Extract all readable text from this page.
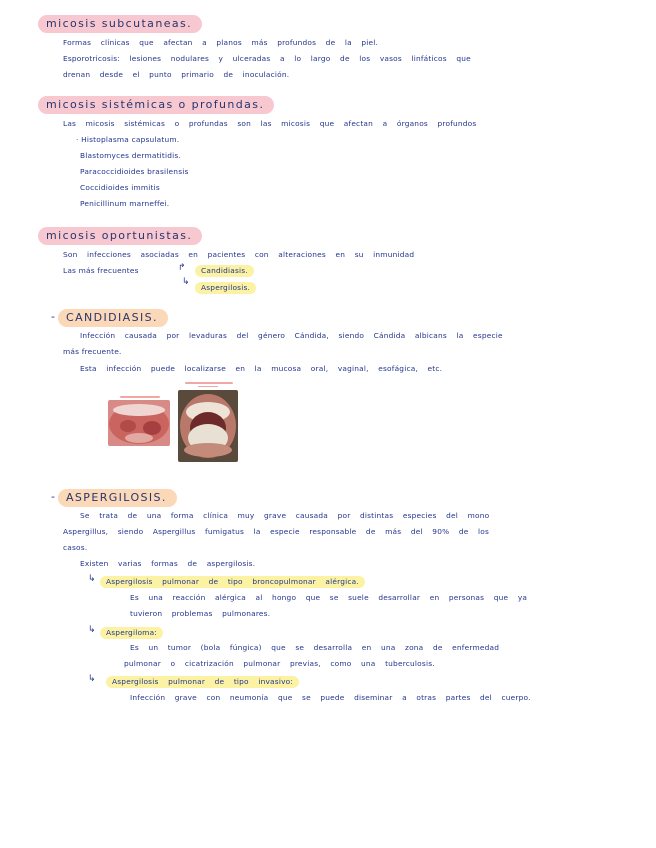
micosis subcutaneas.
Formas clínicas que afectan a planos más profundos de la piel.
Esporotricosis: lesiones nodulares y ulceradas a lo largo de los vasos linfáticos que
drenan desde el punto primario de inoculación.
micosis sistémicas o profundas.
Las micosis sistémicas o profundas son las micosis que afectan a órganos profundos
· Histoplasma capsulatum.
Blastomyces dermatitidis.
Paracoccidioides brasilensis
Coccidioides immitis
Penicillinum marneffei.
micosis oportunistas.
Son infecciones asociadas en pacientes con alteraciones en su inmunidad
Las más frecuentes	↱
↳
Candidiasis.
Aspergilosis.
-	CANDIDIASIS.
Infección causada por levaduras del género Cándida, siendo Cándida albicans la especie
más frecuente.
Esta infección puede localizarse en la mucosa oral, vaginal, esofágica, etc.
-	ASPERGILOSIS.
Se trata de una forma clínica muy grave causada por distintas especies del mono
Aspergillus, siendo Aspergillus fumigatus la especie responsable de más del 90% de los
casos.
Existen varias formas de aspergilosis.
↳	Aspergilosis pulmonar de tipo broncopulmonar alérgica.
Es una reacción alérgica al hongo que se suele desarrollar en personas que ya
tuvieron problemas pulmonares.
↳	Aspergiloma:
Es un tumor (bola fúngica) que se desarrolla en una zona de enfermedad
pulmonar o cicatrización pulmonar previas, como una tuberculosis.
↳	Aspergilosis pulmonar de tipo invasivo:
Infección grave con neumonía que se puede diseminar a otras partes del cuerpo.
